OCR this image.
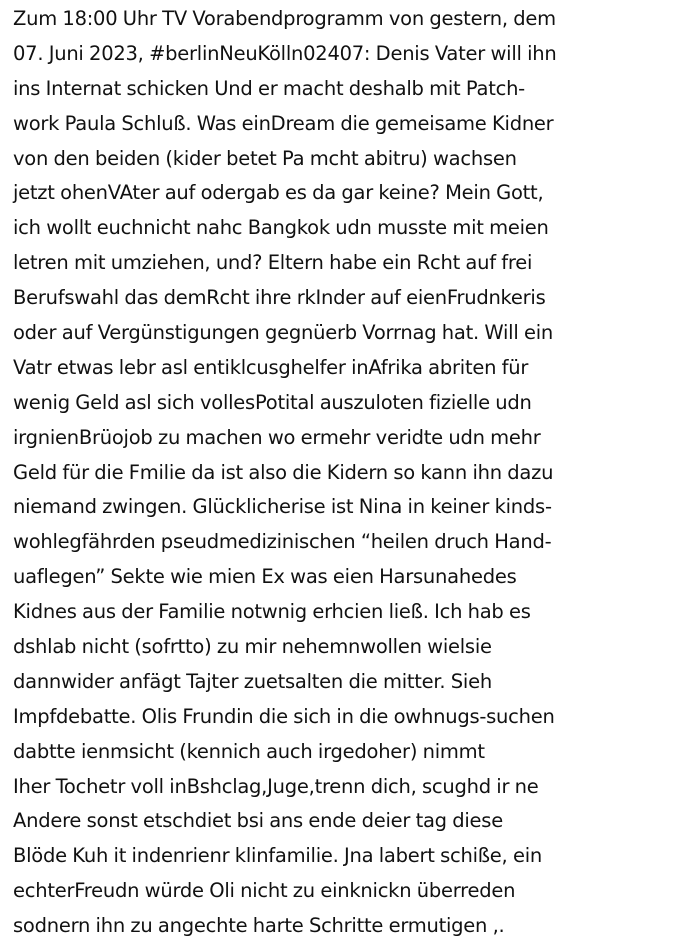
Zum 18:00 Uhr TV Vorabendprogramm von gestern, dem
07. Juni 2023, #berlinNeuKölln02407: Denis Vater will ihn
ins Internat schicken Und er macht deshalb mit Patch-
work Paula Schluß. Was einDream die gemeisame Kidner
von den beiden (kider betet Pa mcht abitru) wachsen
jetzt ohenVAter auf odergab es da gar keine? Mein Gott,
ich wollt euchnicht nahc Bangkok udn musste mit meien
letren mit umziehen, und? Eltern habe ein Rcht auf frei
Berufswahl das demRcht ihre rkInder auf eienFrudnkeris
oder auf Vergünstigungen gegnüerb Vorrnag hat. Will ein
Vatr etwas lebr asl entiklcusghelfer inAfrika abriten für
wenig Geld asl sich vollesPotital auszuloten fizielle udn
irgnienBrüojob zu machen wo ermehr veridte udn mehr
Geld für die Fmilie da ist also die Kidern so kann ihn dazu
niemand zwingen. Glücklicherise ist Nina in keiner kinds-
wohlegfährden pseudmedizinischen “heilen druch Hand-
uaflegen” Sekte wie mien Ex was eien Harsunahedes
Kidnes aus der Familie notwnig erhcien ließ. Ich hab es
dshlab nicht (sofrtto) zu mir nehemnwollen wielsie
dannwider anfägt Tajter zuetsalten die mitter. Sieh
Impfdebatte. Olis Frundin die sich in die owhnugs-suchen
dabtte ienmsicht (kennich auch irgedoher) nimmt
Iher Tochetr voll inBshclag,Juge,trenn dich, scughd ir ne
Andere sonst etschdiet bsi ans ende deier tag diese
Blöde Kuh it indenrienr klinfamilie. Jna labert schiße, ein
echterFreudn würde Oli nicht zu einknickn überreden
sodnern ihn zu angechte harte Schritte ermutigen ,.
